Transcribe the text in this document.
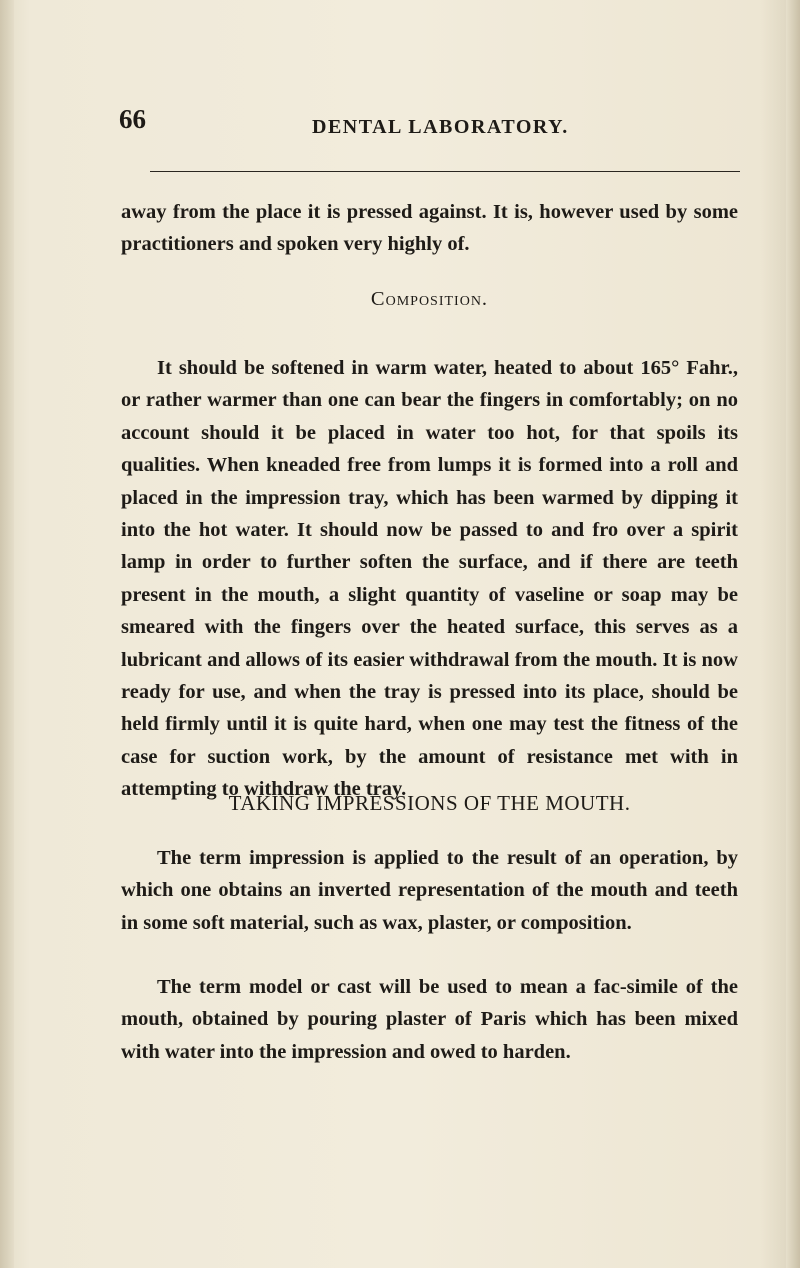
66	DENTAL LABORATORY.

away from the place it is pressed against. It is, however used by some practitioners and spoken very highly of.

Composition.

It should be softened in warm water, heated to about 165° Fahr., or rather warmer than one can bear the fingers in comfortably; on no account should it be placed in water too hot, for that spoils its qualities. When kneaded free from lumps it is formed into a roll and placed in the impression tray, which has been warmed by dipping it into the hot water. It should now be passed to and fro over a spirit lamp in order to further soften the surface, and if there are teeth present in the mouth, a slight quantity of vaseline or soap may be smeared with the fingers over the heated surface, this serves as a lubricant and allows of its easier withdrawal from the mouth. It is now ready for use, and when the tray is pressed into its place, should be held firmly until it is quite hard, when one may test the fitness of the case for suction work, by the amount of resistance met with in attempting to withdraw the tray.

TAKING IMPRESSIONS OF THE MOUTH.

The term impression is applied to the result of an operation, by which one obtains an inverted representation of the mouth and teeth in some soft material, such as wax, plaster, or composition.

The term model or cast will be used to mean a fac-simile of the mouth, obtained by pouring plaster of Paris which has been mixed with water into the impression and owed to harden.
